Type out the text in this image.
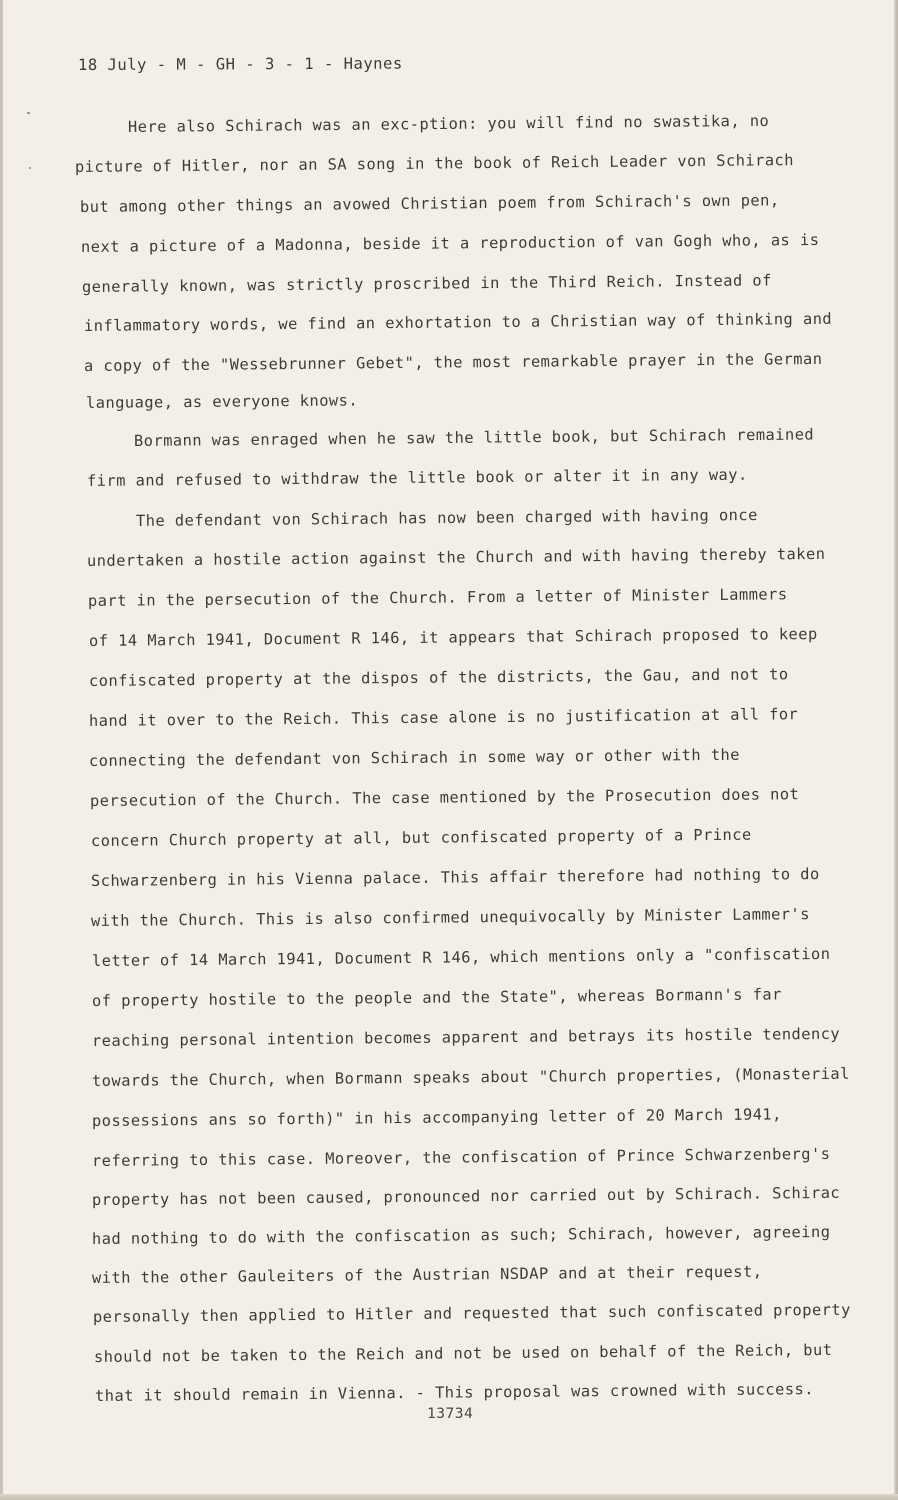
18 July - M - GH - 3 - 1 - Haynes
Here also Schirach was an exc-ption: you will find no swastika, no
picture of Hitler, nor an SA song in the book of Reich Leader von Schirach
but among other things an avowed Christian poem from Schirach's own pen,
next a picture of a Madonna, beside it a reproduction of van Gogh who, as is
generally known, was strictly proscribed in the Third Reich. Instead of
inflammatory words, we find an exhortation to a Christian way of thinking and
a copy of the "Wessebrunner Gebet", the most remarkable prayer in the German
language, as everyone knows.
Bormann was enraged when he saw the little book, but Schirach remained
firm and refused to withdraw the little book or alter it in any way.
The defendant von Schirach has now been charged with having once
undertaken a hostile action against the Church and with having thereby taken
part in the persecution of the Church. From a letter of Minister Lammers
of 14 March 1941, Document R 146, it appears that Schirach proposed to keep
confiscated property at the dispos of the districts, the Gau, and not to
hand it over to the Reich. This case alone is no justification at all for
connecting the defendant von Schirach in some way or other with the
persecution of the Church. The case mentioned by the Prosecution does not
concern Church property at all, but confiscated property of a Prince
Schwarzenberg in his Vienna palace. This affair therefore had nothing to do
with the Church. This is also confirmed unequivocally by Minister Lammer's
letter of 14 March 1941, Document R 146, which mentions only a "confiscation
of property hostile to the people and the State", whereas Bormann's far
reaching personal intention becomes apparent and betrays its hostile tendency
towards the Church, when Bormann speaks about "Church properties, (Monasterial
possessions ans so forth)" in his accompanying letter of 20 March 1941,
referring to this case. Moreover, the confiscation of Prince Schwarzenberg's
property has not been caused, pronounced nor carried out by Schirach. Schirac
had nothing to do with the confiscation as such; Schirach, however, agreeing
with the other Gauleiters of the Austrian NSDAP and at their request,
personally then applied to Hitler and requested that such confiscated property
should not be taken to the Reich and not be used on behalf of the Reich, but
that it should remain in Vienna. - This proposal was crowned with success.
13734
